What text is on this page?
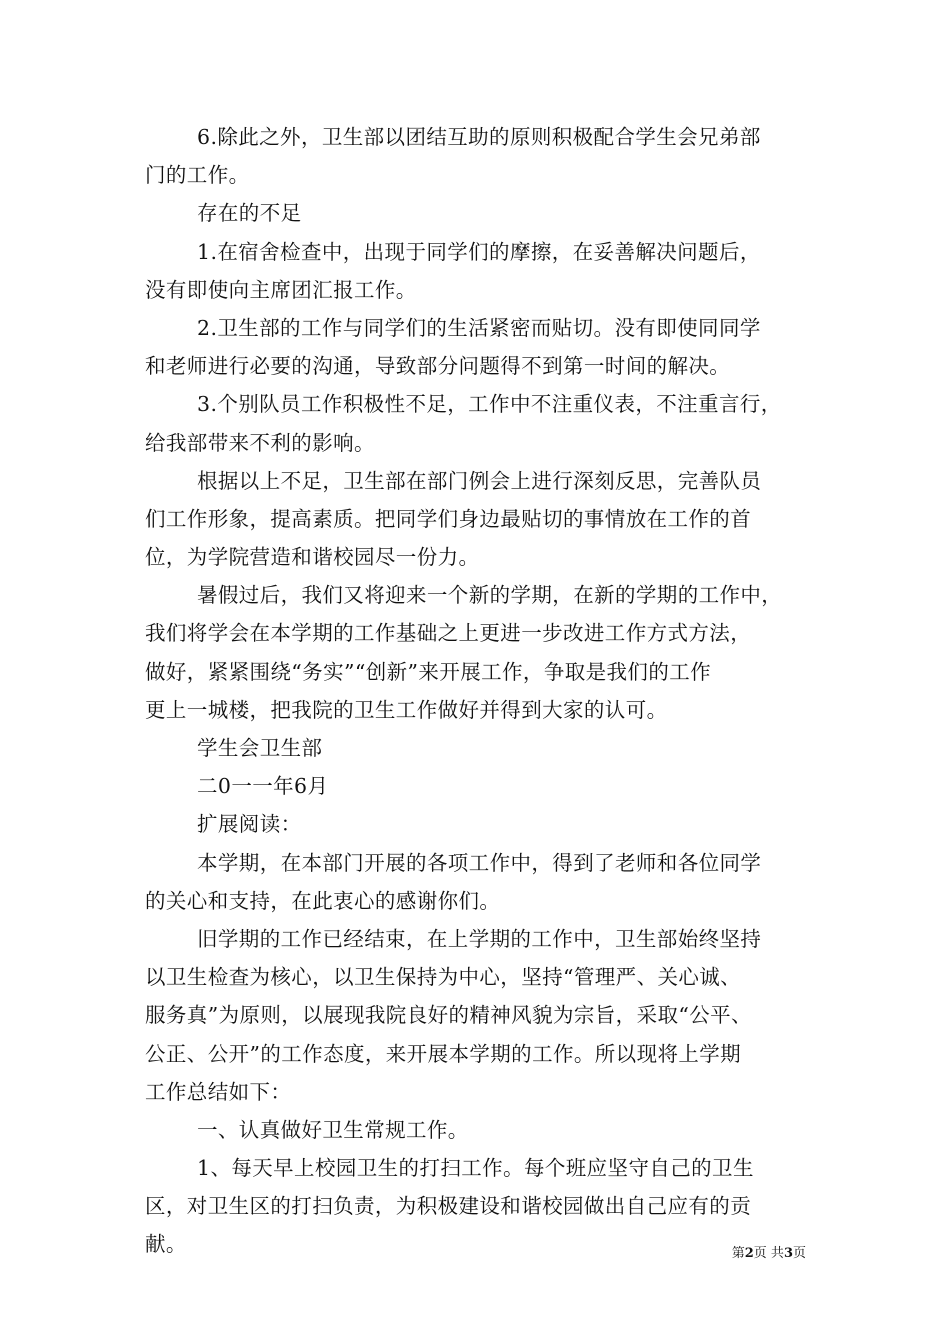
6.除此之外，卫生部以团结互助的原则积极配合学生会兄弟部
门的工作。
存在的不足
1.在宿舍检查中，出现于同学们的摩擦，在妥善解决问题后，
没有即使向主席团汇报工作。
2.卫生部的工作与同学们的生活紧密而贴切。没有即使同同学
和老师进行必要的沟通，导致部分问题得不到第一时间的解决。
3.个别队员工作积极性不足，工作中不注重仪表，不注重言行，
给我部带来不利的影响。
根据以上不足，卫生部在部门例会上进行深刻反思，完善队员
们工作形象，提高素质。把同学们身边最贴切的事情放在工作的首
位，为学院营造和谐校园尽一份力。
暑假过后，我们又将迎来一个新的学期，在新的学期的工作中，
我们将学会在本学期的工作基础之上更进一步改进工作方式方法，
做好，紧紧围绕“务实”“创新”来开展工作，争取是我们的工作
更上一城楼，把我院的卫生工作做好并得到大家的认可。
学生会卫生部
二0一一年6月
扩展阅读：
本学期，在本部门开展的各项工作中，得到了老师和各位同学
的关心和支持，在此衷心的感谢你们。
旧学期的工作已经结束，在上学期的工作中，卫生部始终坚持
以卫生检查为核心，以卫生保持为中心，坚持“管理严、关心诚、
服务真”为原则，以展现我院良好的精神风貌为宗旨，采取“公平、
公正、公开”的工作态度，来开展本学期的工作。所以现将上学期
工作总结如下：
一、认真做好卫生常规工作。
1、每天早上校园卫生的打扫工作。每个班应坚守自己的卫生
区，对卫生区的打扫负责，为积极建设和谐校园做出自己应有的贡
献。	第2页 共3页
